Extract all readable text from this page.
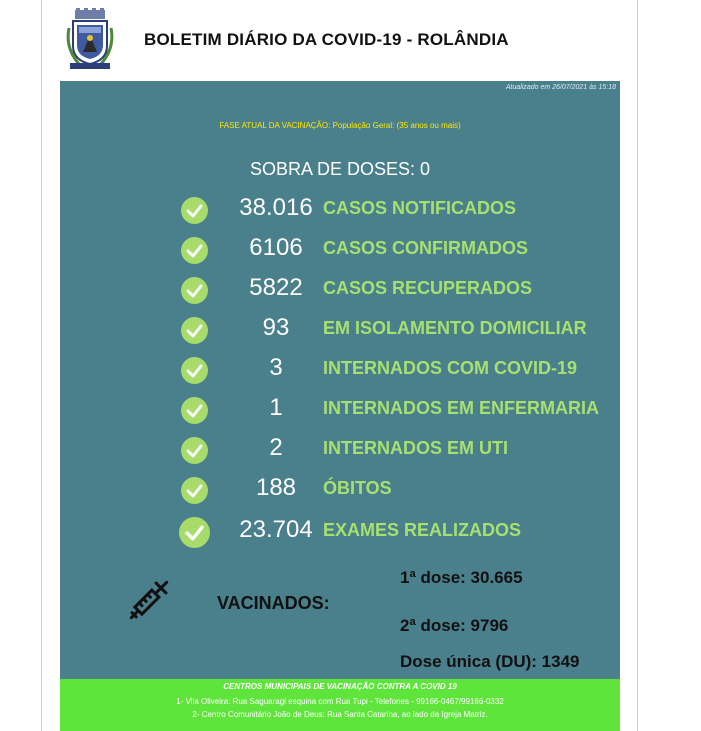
BOLETIM DIÁRIO DA COVID-19 - ROLÂNDIA
Atualizado em 26/07/2021 às 15:18
FASE ATUAL DA VACINAÇÃO: População Geral: (35 anos ou mais)
SOBRA DE DOSES: 0
38.016 CASOS NOTIFICADOS
6106	CASOS CONFIRMADOS
5822	CASOS RECUPERADOS
93	EM ISOLAMENTO DOMICILIAR
3	INTERNADOS COM COVID-19
1	INTERNADOS EM ENFERMARIA
2	INTERNADOS EM UTI
188	ÓBITOS
23.704 EXAMES REALIZADOS
VACINADOS:
1ª dose: 30.665
2ª dose: 9796
Dose única (DU): 1349
CENTROS MUNICIPAIS DE VACINAÇÃO CONTRA A COVID 19
1- Vila Oliveira: Rua Saguaragi esquina com Rua Tupi - Telefones - 99166-0467/99166-0332
2- Centro Comunitário João de Deus: Rua Santa Catarina, ao lado da Igreja Matriz.
